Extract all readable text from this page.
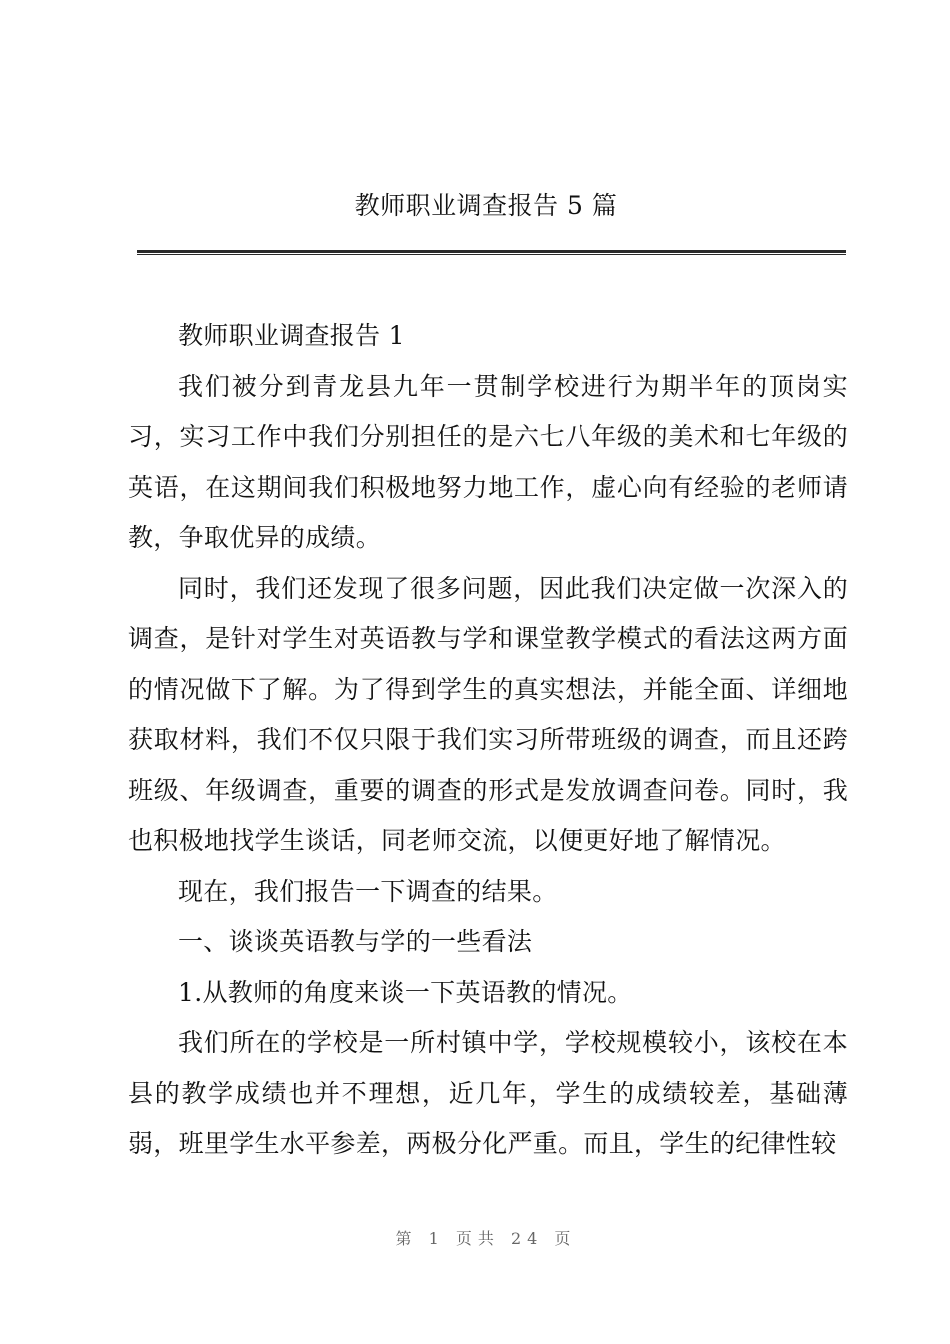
教师职业调查报告 5 篇

教师职业调查报告 1

我们被分到青龙县九年一贯制学校进行为期半年的顶岗实习，实习工作中我们分别担任的是六七八年级的美术和七年级的英语，在这期间我们积极地努力地工作，虚心向有经验的老师请教，争取优异的成绩。

同时，我们还发现了很多问题，因此我们决定做一次深入的调查，是针对学生对英语教与学和课堂教学模式的看法这两方面的情况做下了解。为了得到学生的真实想法，并能全面、详细地获取材料，我们不仅只限于我们实习所带班级的调查，而且还跨班级、年级调查，重要的调查的形式是发放调查问卷。同时，我也积极地找学生谈话，同老师交流，以便更好地了解情况。

现在，我们报告一下调查的结果。

一、谈谈英语教与学的一些看法

1.从教师的角度来谈一下英语教的情况。

我们所在的学校是一所村镇中学，学校规模较小，该校在本县的教学成绩也并不理想，近几年，学生的成绩较差，基础薄弱，班里学生水平参差，两极分化严重。而且，学生的纪律性较

第 1 页共 24 页
